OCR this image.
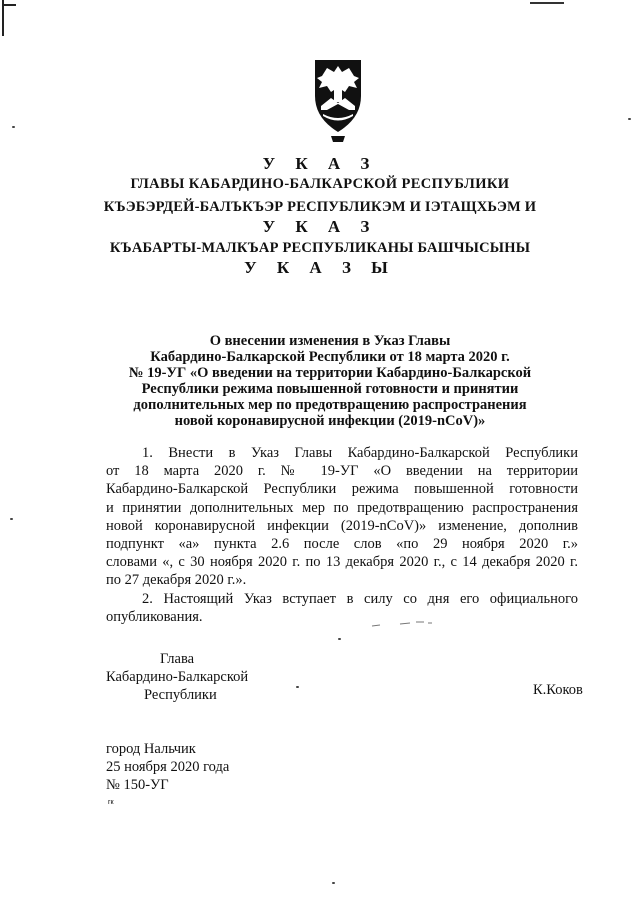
У К А З
ГЛАВЫ КАБАРДИНО-БАЛКАРСКОЙ РЕСПУБЛИКИ
КЪЭБЭРДЕЙ-БАЛЪКЪЭР РЕСПУБЛИКЭМ И ІЭТАЩХЬЭМ И
У К А З
КЪАБАРТЫ-МАЛКЪАР РЕСПУБЛИКАНЫ БАШЧЫСЫНЫ
У К А З Ы
О внесении изменения в Указ Главы
Кабардино-Балкарской Республики от 18 марта 2020 г.
№ 19-УГ «О введении на территории Кабардино-Балкарской
Республики режима повышенной готовности и принятии
дополнительных мер по предотвращению распространения
новой коронавирусной инфекции (2019-nCoV)»
1. Внести в Указ Главы Кабардино-Балкарской Республики
от 18 марта 2020 г. № 19-УГ «О введении на территории
Кабардино-Балкарской Республики режима повышенной готовности
и принятии дополнительных мер по предотвращению распространения
новой коронавирусной инфекции (2019-nCoV)» изменение, дополнив
подпункт «а» пункта 2.6 после слов «по 29 ноября 2020 г.»
словами «, с 30 ноября 2020 г. по 13 декабря 2020 г., с 14 декабря 2020 г.
по 27 декабря 2020 г.».
2. Настоящий Указ вступает в силу со дня его официального
опубликования.
Глава
Кабардино-Балкарской
Республики	К.Коков
город Нальчик
25 ноября 2020 года
№ 150-УГ
гк
